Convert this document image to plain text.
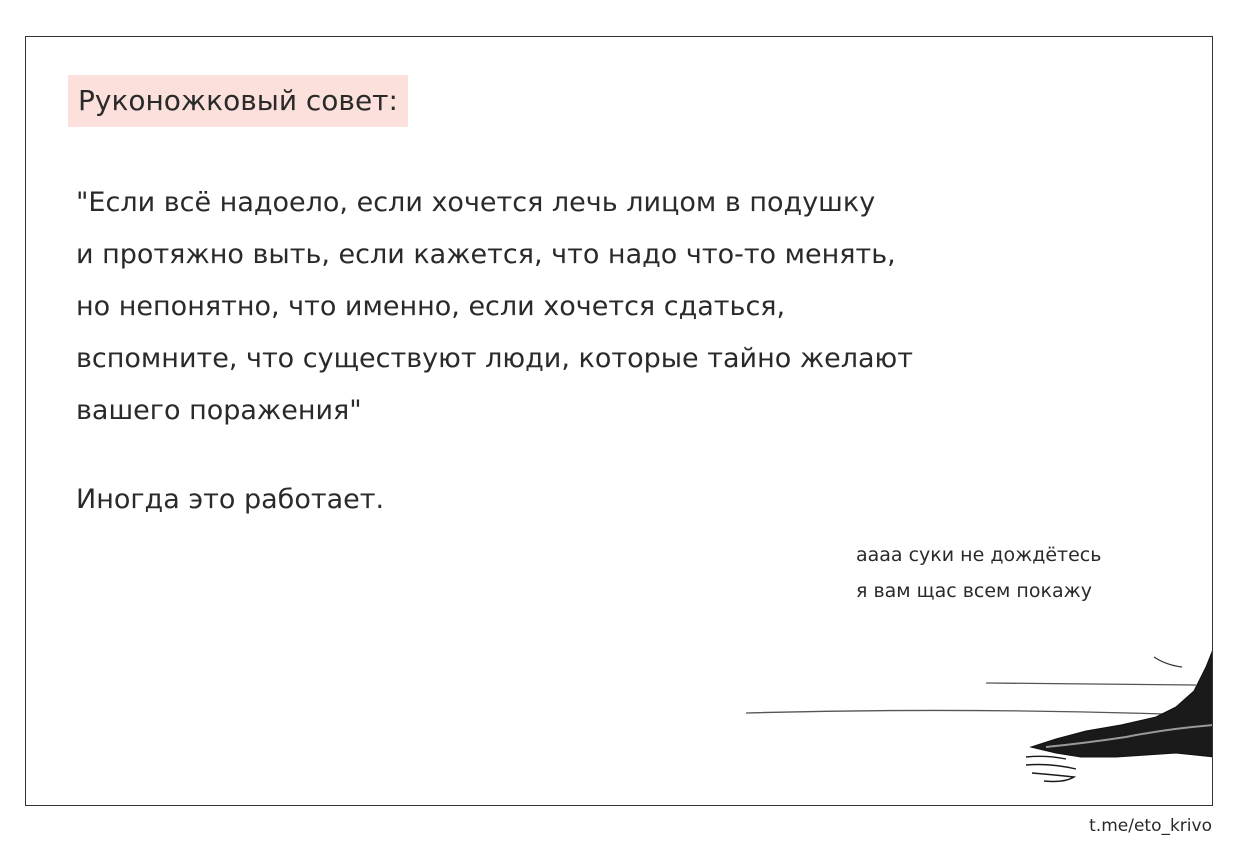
Руконожковый совет:

"Если всё надоело, если хочется лечь лицом в подушку
и протяжно выть, если кажется, что надо что-то менять,
но непонятно, что именно, если хочется сдаться,
вспомните, что существуют люди, которые тайно желают
вашего поражения"

Иногда это работает.
аааа суки не дождётесь
я вам щас всем покажу
t.me/eto_krivo
